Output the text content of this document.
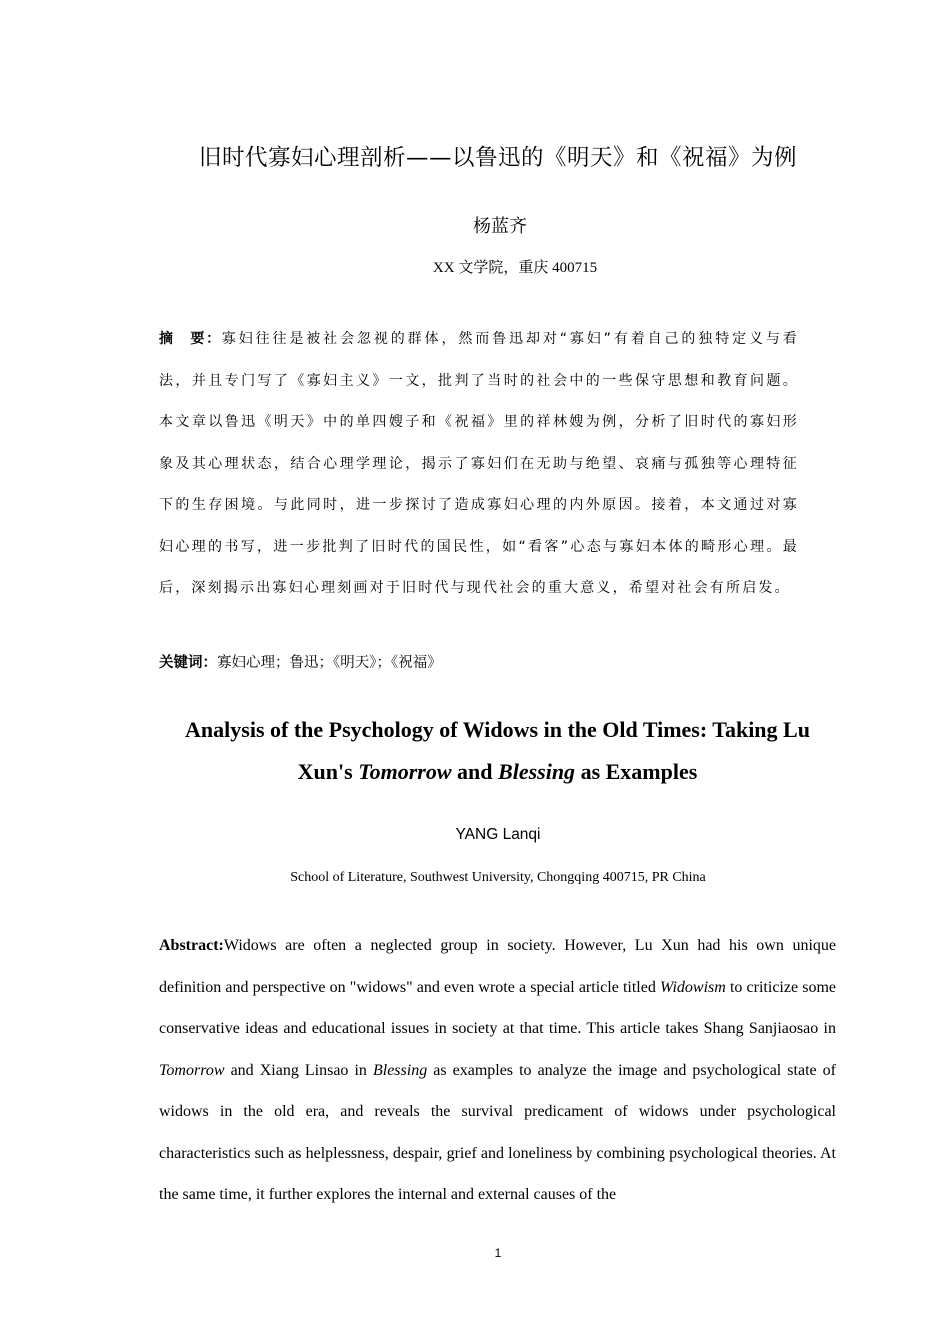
旧时代寡妇心理剖析——以鲁迅的《明天》和《祝福》为例
杨蓝齐
XX 文学院，重庆 400715
摘　要：寡妇往往是被社会忽视的群体，然而鲁迅却对“寡妇”有着自己的独特定义与看法，并且专门写了《寡妇主义》一文，批判了当时的社会中的一些保守思想和教育问题。本文章以鲁迅《明天》中的单四嫂子和《祝福》里的祥林嫂为例，分析了旧时代的寡妇形象及其心理状态，结合心理学理论，揭示了寡妇们在无助与绝望、哀痛与孤独等心理特征下的生存困境。与此同时，进一步探讨了造成寡妇心理的内外原因。接着，本文通过对寡妇心理的书写，进一步批判了旧时代的国民性，如“看客”心态与寡妇本体的畸形心理。最后，深刻揭示出寡妇心理刻画对于旧时代与现代社会的重大意义，希望对社会有所启发。
关键词：寡妇心理；鲁迅；《明天》；《祝福》
Analysis of the Psychology of Widows in the Old Times: Taking Lu Xun's Tomorrow and Blessing as Examples
YANG Lanqi
School of Literature, Southwest University, Chongqing 400715, PR China
Abstract:Widows are often a neglected group in society. However, Lu Xun had his own unique definition and perspective on "widows" and even wrote a special article titled Widowism to criticize some conservative ideas and educational issues in society at that time. This article takes Shang Sanjiaosao in Tomorrow and Xiang Linsao in Blessing as examples to analyze the image and psychological state of widows in the old era, and reveals the survival predicament of widows under psychological characteristics such as helplessness, despair, grief and loneliness by combining psychological theories. At the same time, it further explores the internal and external causes of the
1
